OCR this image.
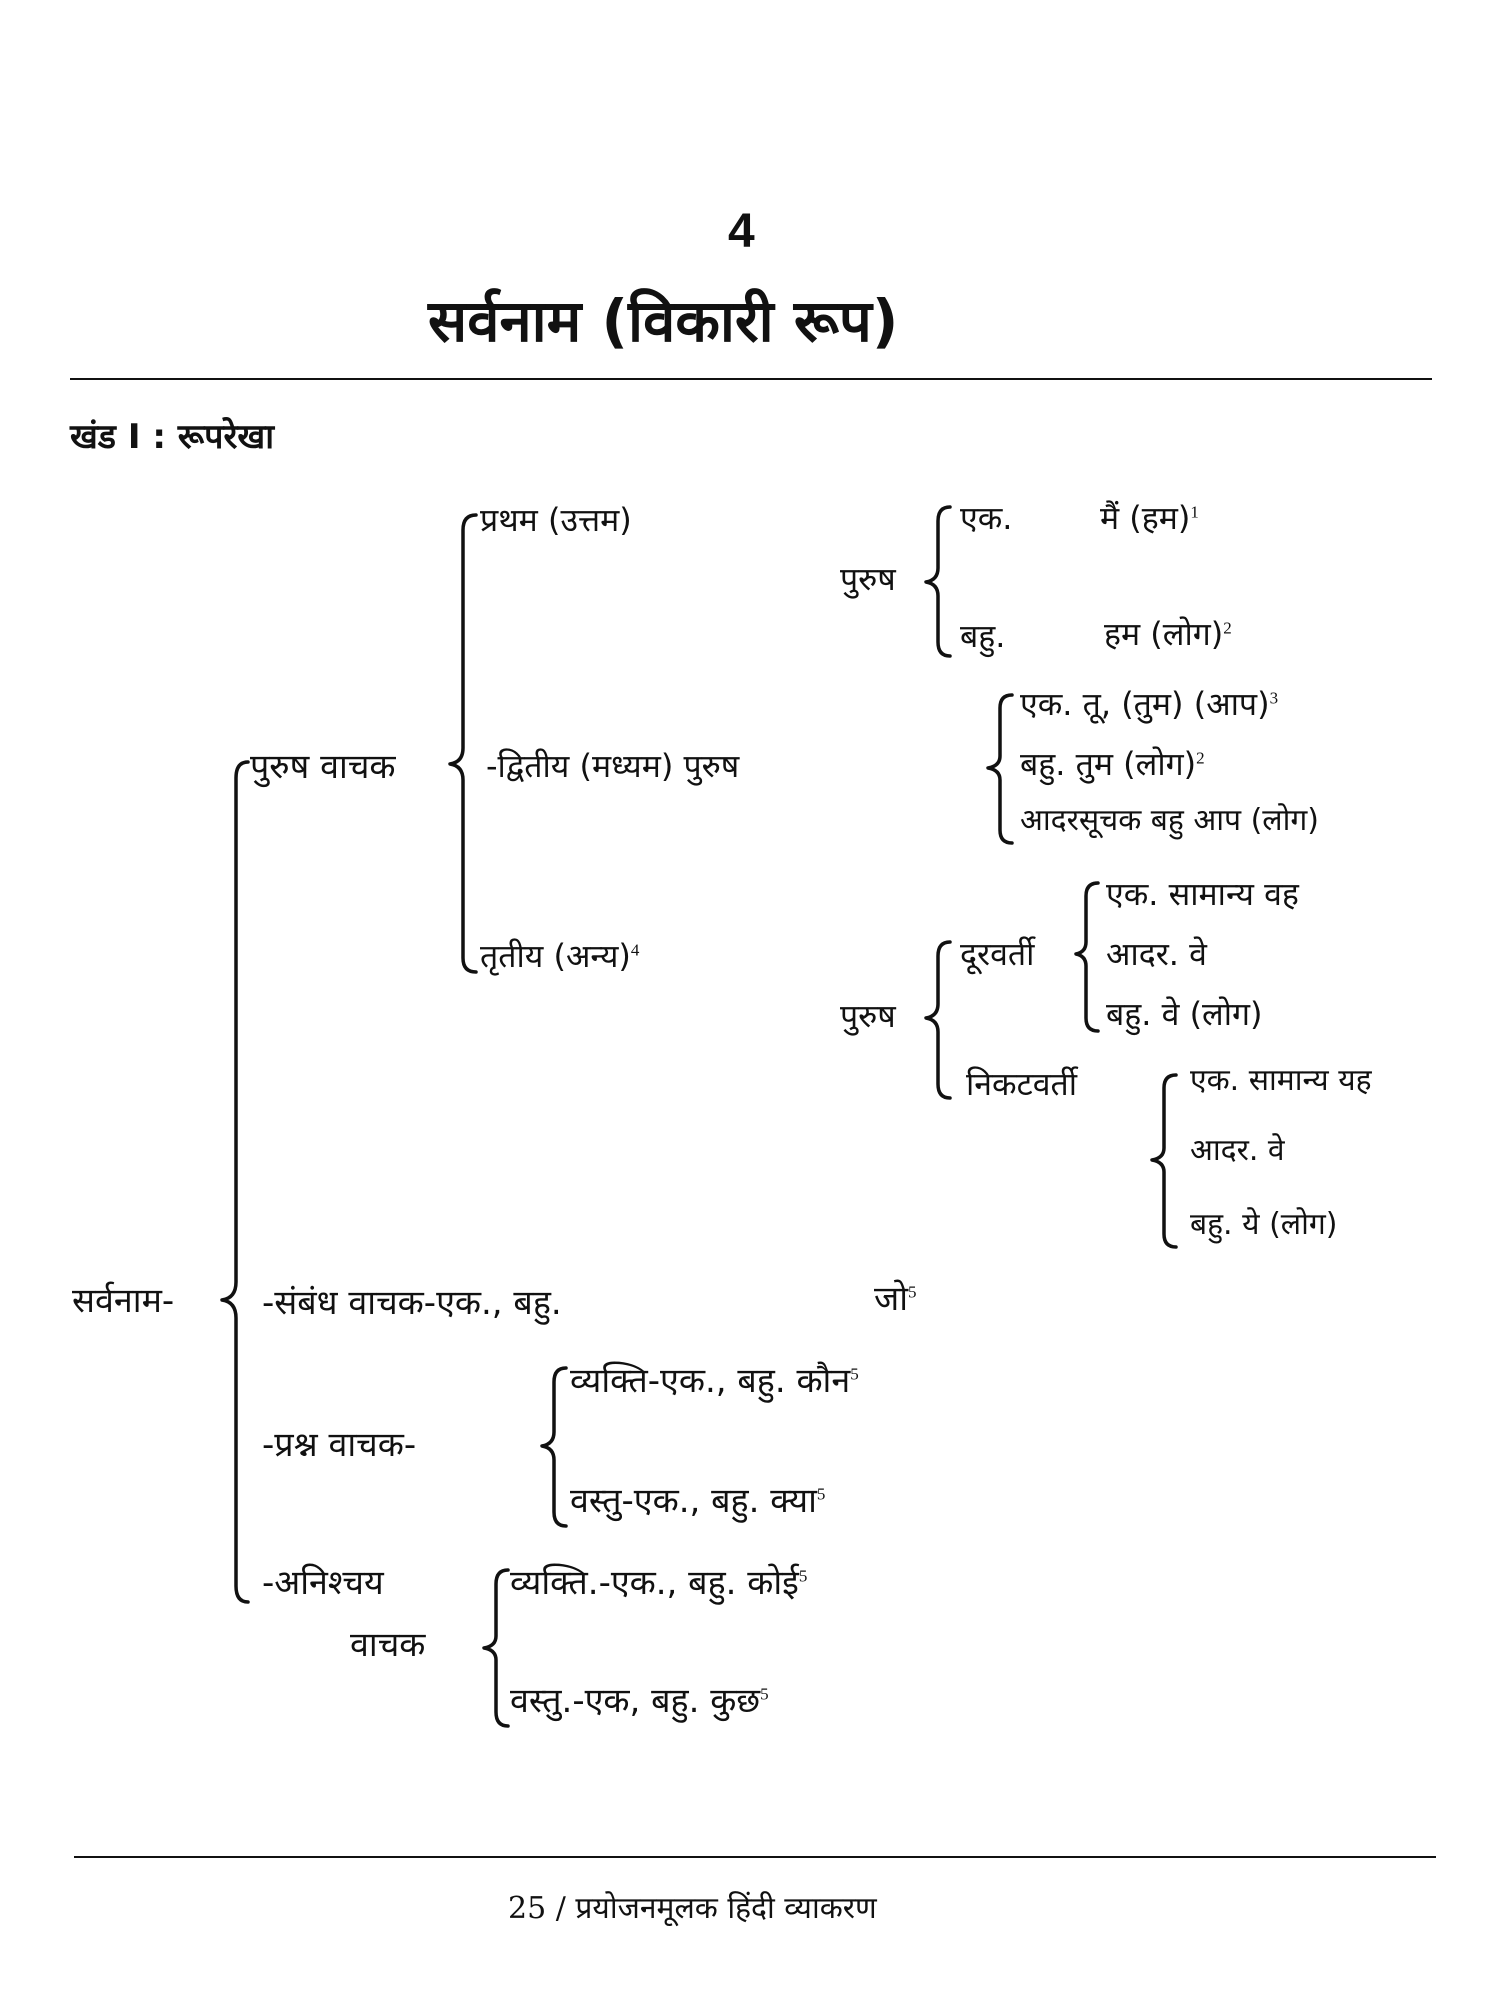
4
सर्वनाम (विकारी रूप)
खंड I : रूपरेखा
सर्वनाम-
पुरुष वाचक
प्रथम (उत्तम)
पुरुष
एक.	मैं (हम)$^1$
बहु.	हम (लोग)$^2$
-द्वितीय (मध्यम) पुरुष
एक. तू, (तुम) (आप)$^3$
बहु. तुम (लोग)$^2$
आदरसूचक बहु आप (लोग)
तृतीय (अन्य)$^4$
पुरुष
दूरवर्ती
एक. सामान्य वह
आदर. वे
बहु. वे (लोग)
निकटवर्ती	एक. सामान्य यह
आदर. वे
बहु. ये (लोग)
-संबंध वाचक-एक., बहु.	जो$^5$
-प्रश्न वाचक-
व्यक्ति-एक., बहु. कौन$^5$
वस्तु-एक., बहु. क्या$^5$
-अनिश्चय
वाचक
व्यक्ति.-एक., बहु. कोई$^5$
वस्तु.-एक, बहु. कुछ$^5$
25 / प्रयोजनमूलक हिंदी व्याकरण
